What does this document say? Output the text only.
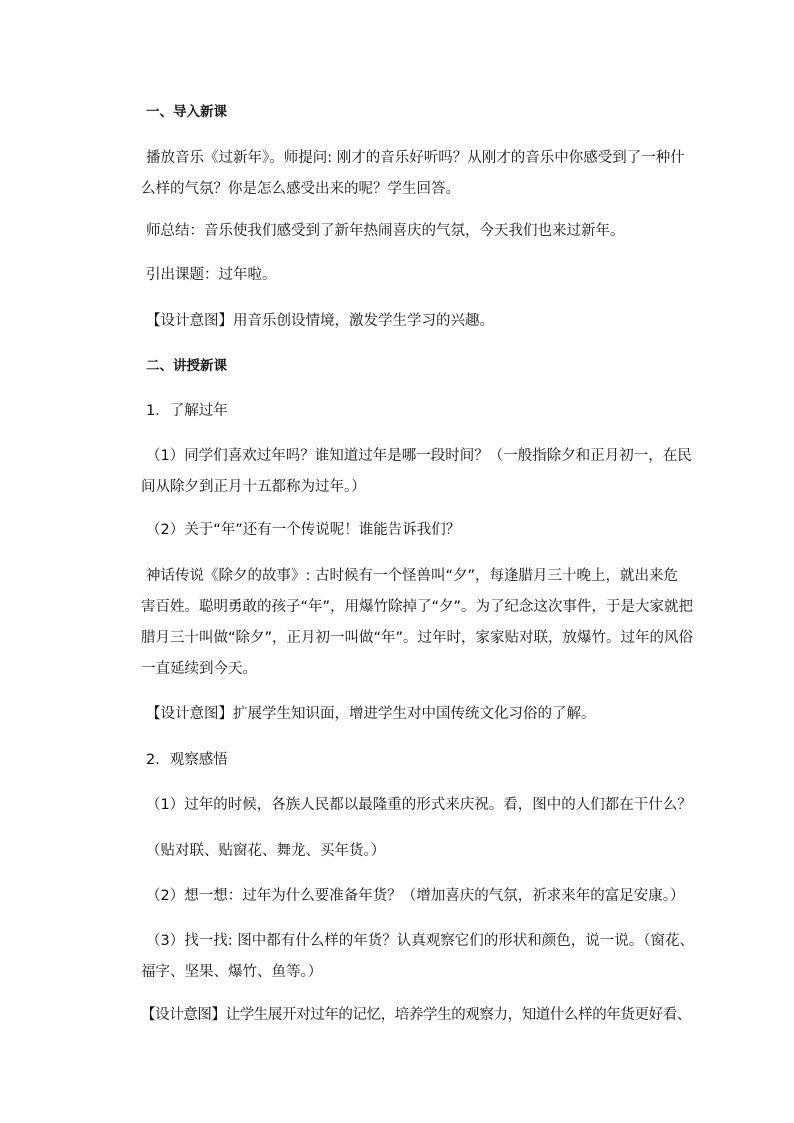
一、导入新课

播放音乐《过新年》。师提问: 刚才的音乐好听吗？从刚才的音乐中你感受到了一种什
么样的气氛？你是怎么感受出来的呢？学生回答。

师总结：音乐使我们感受到了新年热闹喜庆的气氛，今天我们也来过新年。

引出课题：过年啦。

【设计意图】用音乐创设情境，激发学生学习的兴趣。

二、讲授新课

1．了解过年

（1）同学们喜欢过年吗？谁知道过年是哪一段时间？（一般指除夕和正月初一，在民
间从除夕到正月十五都称为过年。）

（2）关于“年”还有一个传说呢！谁能告诉我们？

神话传说《除夕的故事》: 古时候有一个怪兽叫“夕”，每逢腊月三十晚上，就出来危
害百姓。聪明勇敢的孩子“年”，用爆竹除掉了“夕”。为了纪念这次事件，于是大家就把
腊月三十叫做“除夕”，正月初一叫做“年”。过年时，家家贴对联，放爆竹。过年的风俗
一直延续到今天。

【设计意图】扩展学生知识面，增进学生对中国传统文化习俗的了解。

2．观察感悟

（1）过年的时候，各族人民都以最隆重的形式来庆祝。看，图中的人们都在干什么？

（贴对联、贴窗花、舞龙、买年货。）

（2）想一想：过年为什么要准备年货？（增加喜庆的气氛，祈求来年的富足安康。）

（3）找一找: 图中都有什么样的年货？认真观察它们的形状和颜色，说一说。（窗花、
福字、坚果、爆竹、鱼等。）

【设计意图】让学生展开对过年的记忆，培养学生的观察力，知道什么样的年货更好看、
